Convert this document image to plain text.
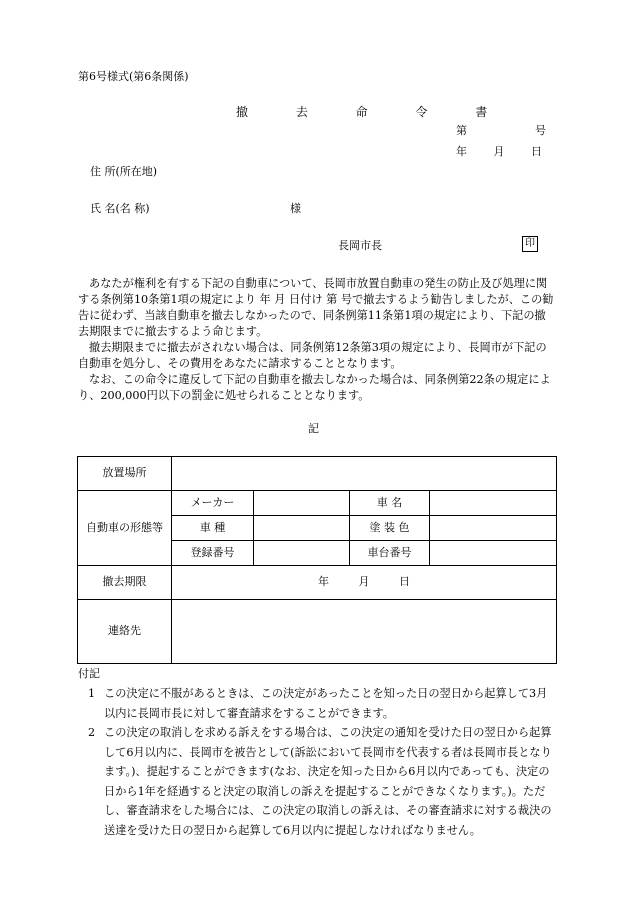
第6号様式(第6条関係)
撤 去 命 令 書
第	号
年 月 日
住 所(所在地)
氏 名(名 称)	様
長岡市長	印

あなたが権利を有する下記の自動車について、長岡市放置自動車の発生の防止及び処理に関する条例第10条第1項の規定により 年 月 日付け 第 号で撤去するよう勧告しましたが、この勧告に従わず、当該自動車を撤去しなかったので、同条例第11条第1項の規定により、下記の撤去期限までに撤去するよう命じます。

撤去期限までに撤去がされない場合は、同条例第12条第3項の規定により、長岡市が下記の自動車を処分し、その費用をあなたに請求することとなります。

なお、この命令に違反して下記の自動車を撤去しなかった場合は、同条例第22条の規定により、200,000円以下の罰金に処せられることとなります。

記
放置場所				
自動車の形態等	メーカー		車 名	
	車 種		塗 装 色	
	登録番号		車台番号	
撤去期限	年 月 日			
連絡先				
付記
1 この決定に不服があるときは、この決定があったことを知った日の翌日から起算して3月以内に長岡市長に対して審査請求をすることができます。
2 この決定の取消しを求める訴えをする場合は、この決定の通知を受けた日の翌日から起算して6月以内に、長岡市を被告として(訴訟において長岡市を代表する者は長岡市長となります。)、提起することができます(なお、決定を知った日から6月以内であっても、決定の日から1年を経過すると決定の取消しの訴えを提起することができなくなります。)。ただし、審査請求をした場合には、この決定の取消しの訴えは、その審査請求に対する裁決の送達を受けた日の翌日から起算して6月以内に提起しなければなりません。
